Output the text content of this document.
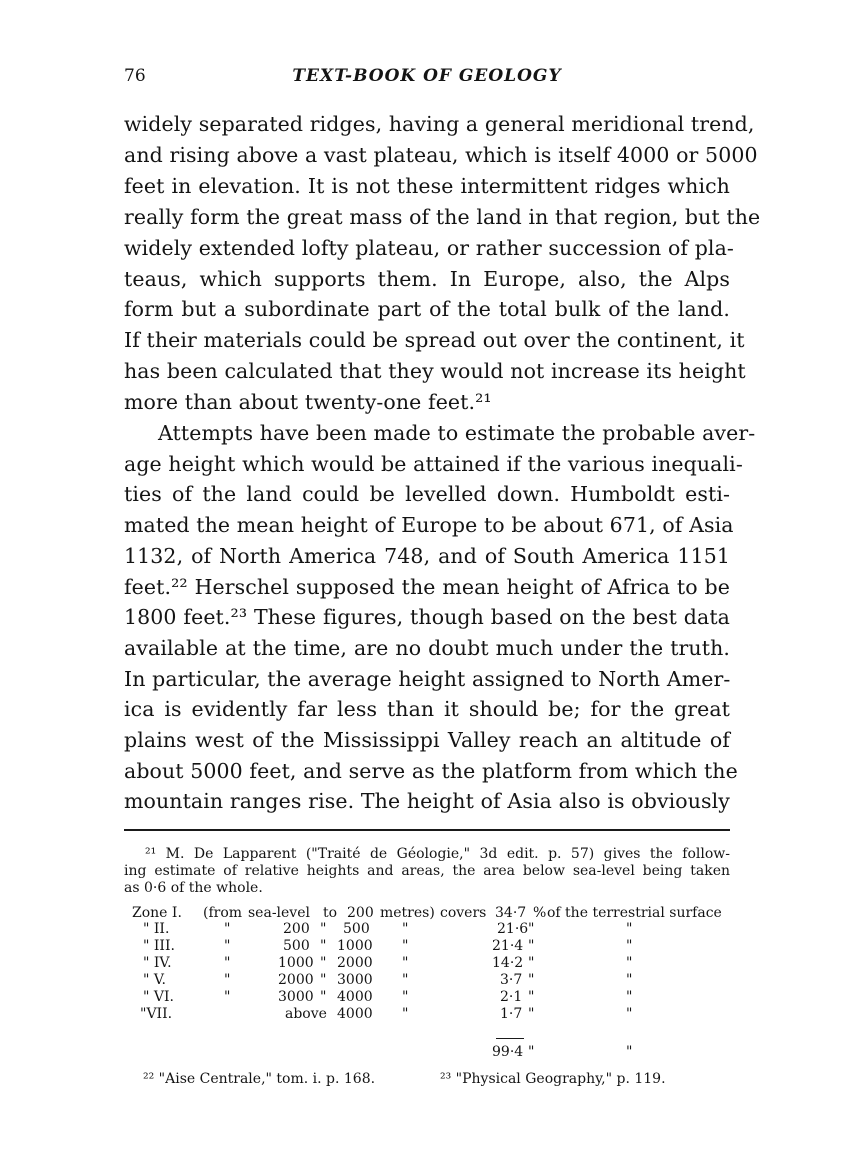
76	TEXT-BOOK OF GEOLOGY
widely separated ridges, having a general meridional trend,
and rising above a vast plateau, which is itself 4000 or 5000
feet in elevation. It is not these intermittent ridges which
really form the great mass of the land in that region, but the
widely extended lofty plateau, or rather succession of pla-
teaus, which supports them. In Europe, also, the Alps
form but a subordinate part of the total bulk of the land.
If their materials could be spread out over the continent, it
has been calculated that they would not increase its height
more than about twenty-one feet.²¹
Attempts have been made to estimate the probable aver-
age height which would be attained if the various inequali-
ties of the land could be levelled down. Humboldt esti-
mated the mean height of Europe to be about 671, of Asia
1132, of North America 748, and of South America 1151
feet.²² Herschel supposed the mean height of Africa to be
1800 feet.²³ These figures, though based on the best data
available at the time, are no doubt much under the truth.
In particular, the average height assigned to North Amer-
ica is evidently far less than it should be; for the great
plains west of the Mississippi Valley reach an altitude of
about 5000 feet, and serve as the platform from which the
mountain ranges rise. The height of Asia also is obviously
²¹ M. De Lapparent ("Traité de Géologie," 3d edit. p. 57) gives the follow-
ing estimate of relative heights and areas, the area below sea-level being taken
as 0·6 of the whole.
Zone I. (from sea-level to 200 metres) covers 34·7 % of the terrestrial surface
" II.	"	200 " 500 "	21·6 "	"
" III.	"	500 " 1000 "	21·4 "	"
" IV.	"	1000 " 2000 "	14·2 "	"
" V.	"	2000 " 3000 "	3·7 "	"
" VI.	"	3000 " 4000 "	2·1 "	"
"VII.	above 4000 "	1·7 "	"
99·4 "	"
²² "Aise Centrale," tom. i. p. 168.	²³ "Physical Geography," p. 119.
